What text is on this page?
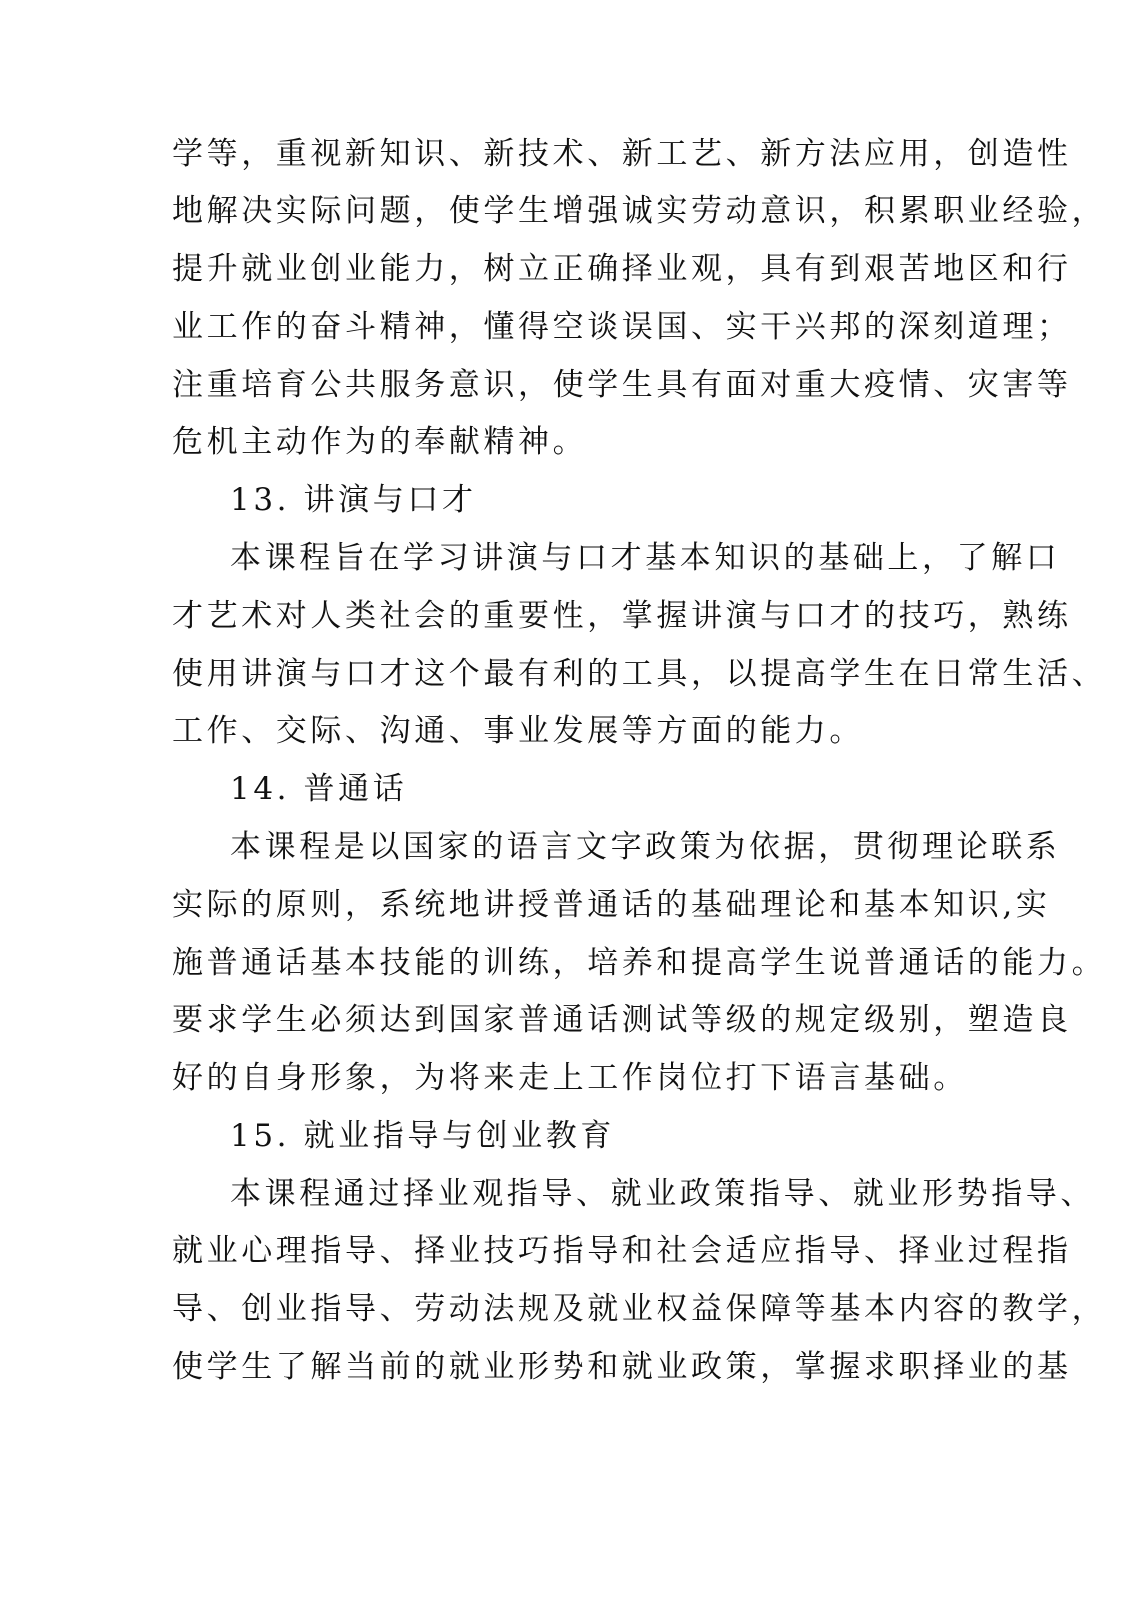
学等，重视新知识、新技术、新工艺、新方法应用，创造性
地解决实际问题，使学生增强诚实劳动意识，积累职业经验，
提升就业创业能力，树立正确择业观，具有到艰苦地区和行
业工作的奋斗精神，懂得空谈误国、实干兴邦的深刻道理；
注重培育公共服务意识，使学生具有面对重大疫情、灾害等
危机主动作为的奉献精神。
13. 讲演与口才
本课程旨在学习讲演与口才基本知识的基础上，了解口
才艺术对人类社会的重要性，掌握讲演与口才的技巧，熟练
使用讲演与口才这个最有利的工具，以提高学生在日常生活、
工作、交际、沟通、事业发展等方面的能力。
14. 普通话
本课程是以国家的语言文字政策为依据，贯彻理论联系
实际的原则，系统地讲授普通话的基础理论和基本知识,实
施普通话基本技能的训练，培养和提高学生说普通话的能力。
要求学生必须达到国家普通话测试等级的规定级别，塑造良
好的自身形象，为将来走上工作岗位打下语言基础。
15. 就业指导与创业教育
本课程通过择业观指导、就业政策指导、就业形势指导、
就业心理指导、择业技巧指导和社会适应指导、择业过程指
导、创业指导、劳动法规及就业权益保障等基本内容的教学，
使学生了解当前的就业形势和就业政策，掌握求职择业的基
